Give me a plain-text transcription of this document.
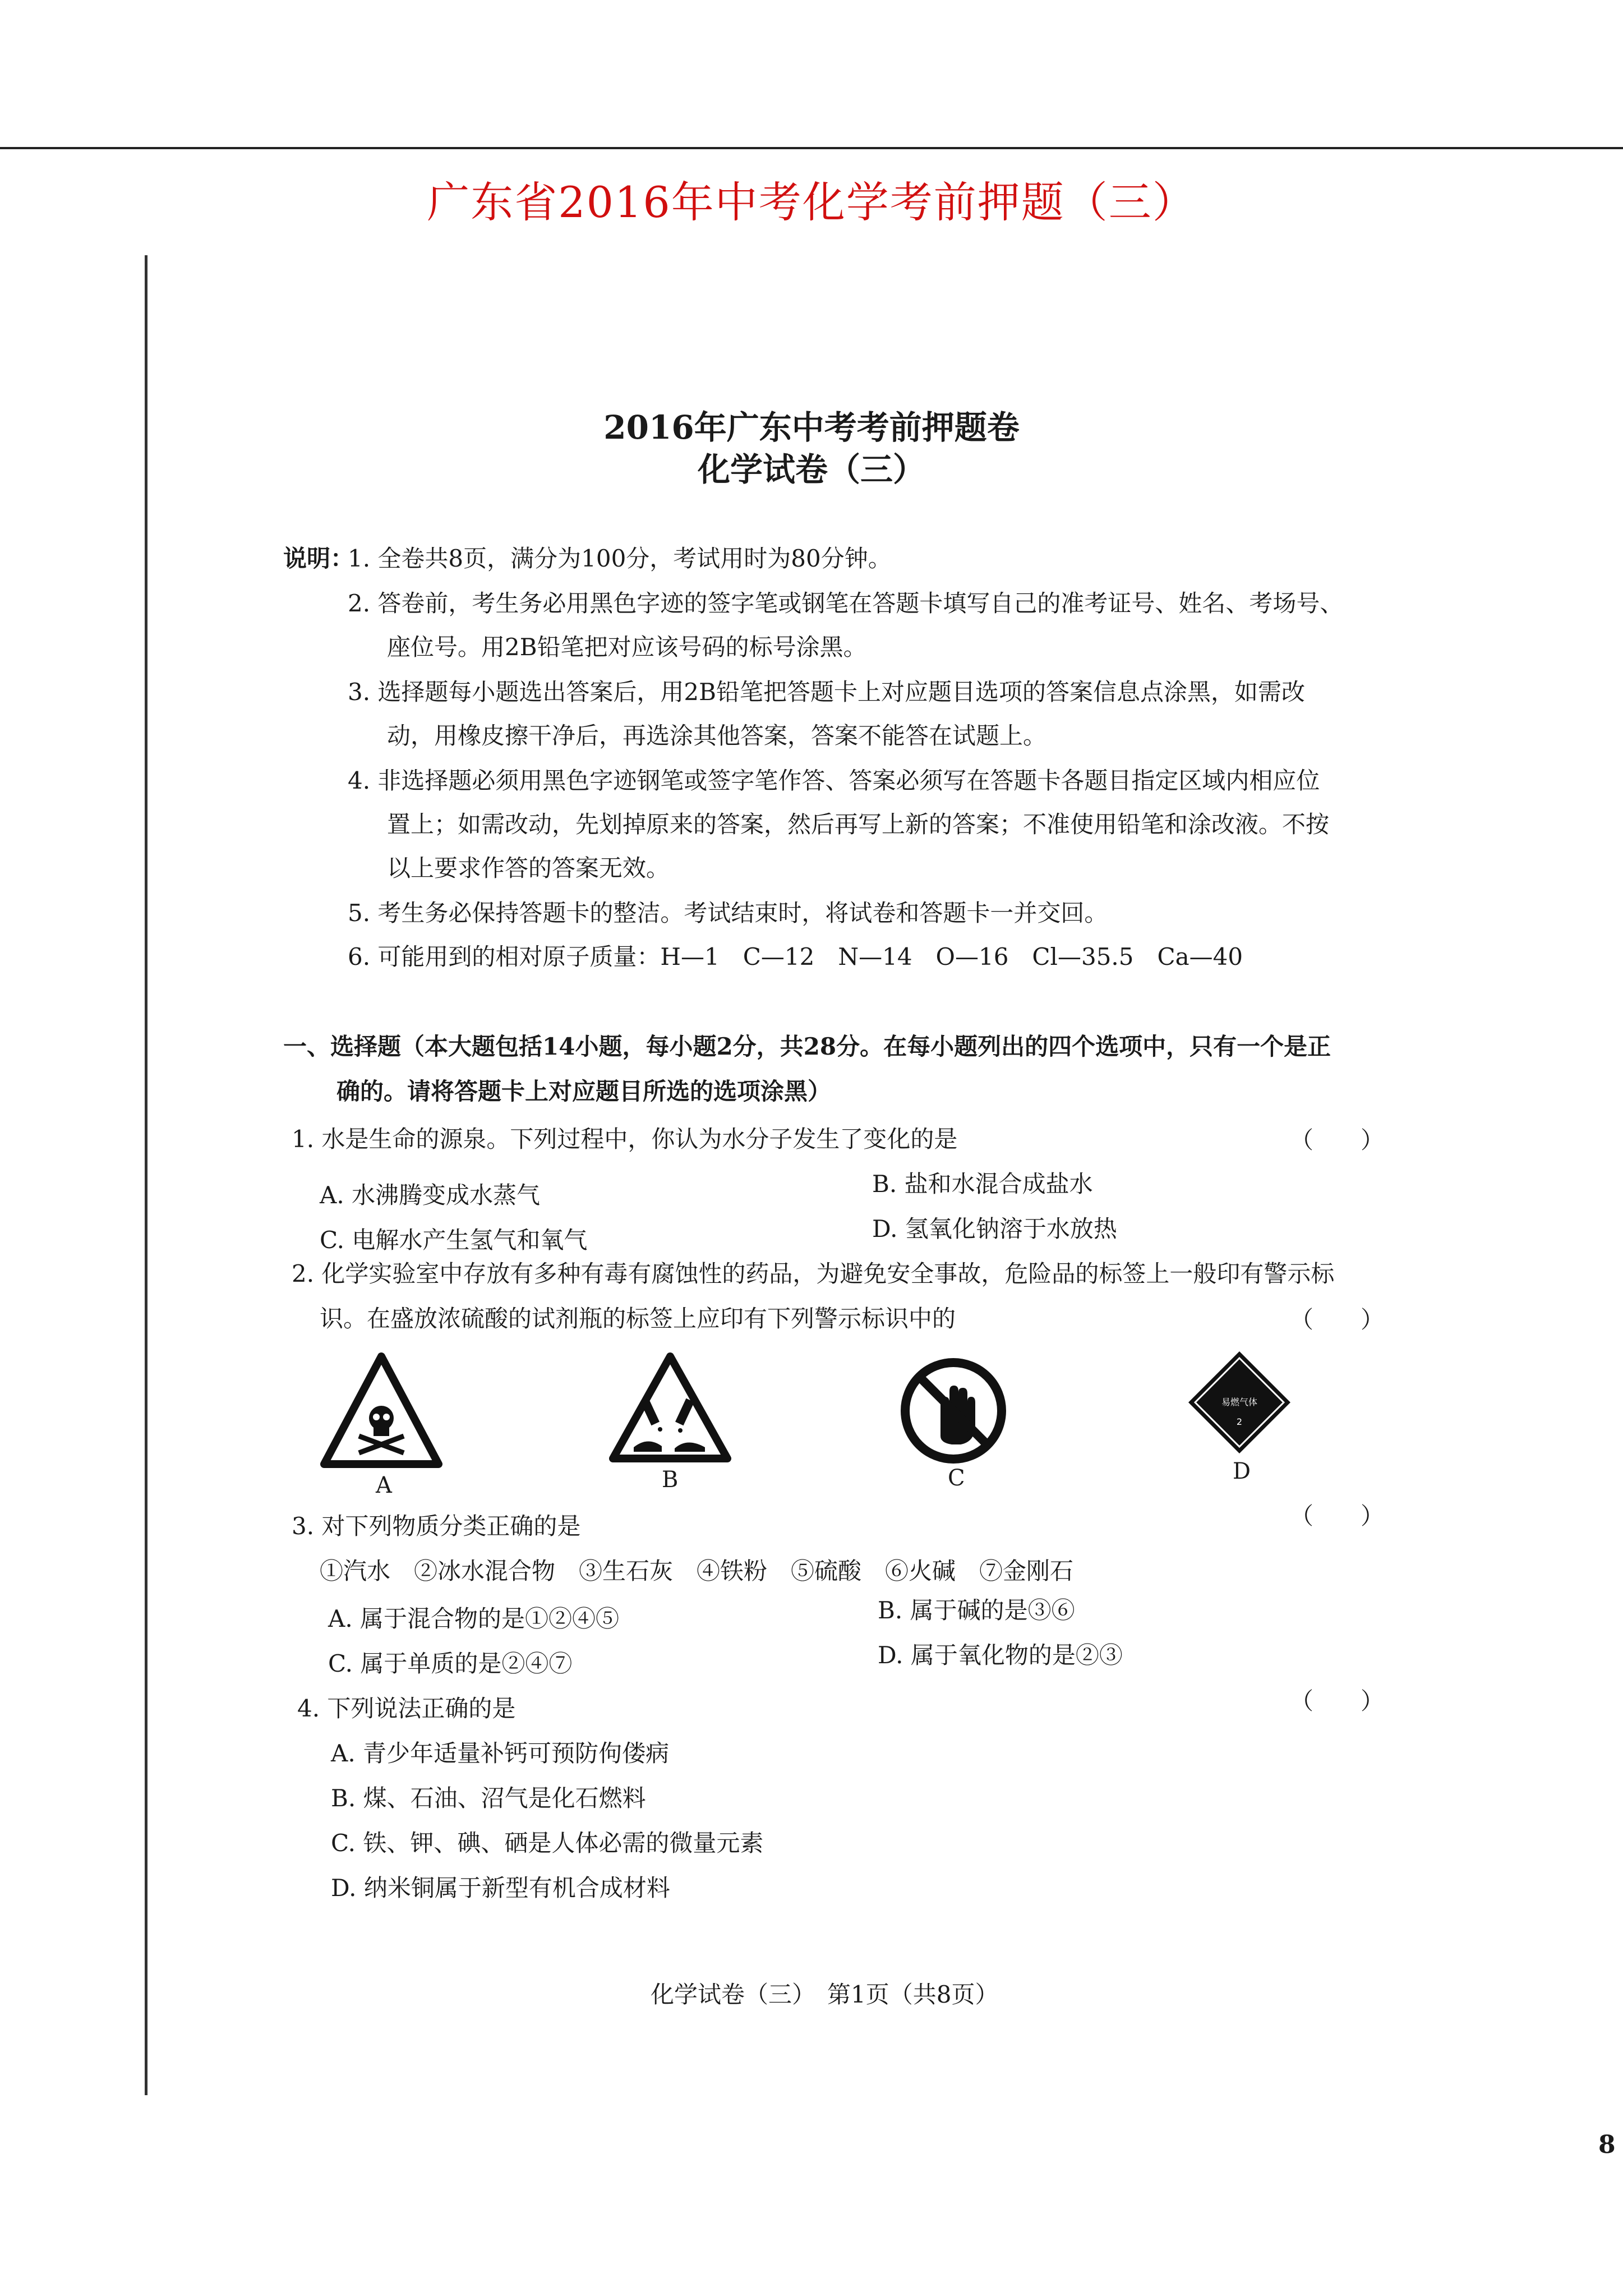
广东省2016年中考化学考前押题（三）
2016年广东中考考前押题卷
化学试卷（三）
说明：
1. 全卷共8页，满分为100分，考试用时为80分钟。
2. 答卷前，考生务必用黑色字迹的签字笔或钢笔在答题卡填写自己的准考证号、姓名、考场号、
座位号。用2B铅笔把对应该号码的标号涂黑。
3. 选择题每小题选出答案后，用2B铅笔把答题卡上对应题目选项的答案信息点涂黑，如需改
动，用橡皮擦干净后，再选涂其他答案，答案不能答在试题上。
4. 非选择题必须用黑色字迹钢笔或签字笔作答、答案必须写在答题卡各题目指定区域内相应位
置上；如需改动，先划掉原来的答案，然后再写上新的答案；不准使用铅笔和涂改液。不按
以上要求作答的答案无效。
5. 考生务必保持答题卡的整洁。考试结束时，将试卷和答题卡一并交回。
6. 可能用到的相对原子质量：H—1　C—12　N—14　O—16　Cl—35.5　Ca—40
一、选择题（本大题包括14小题，每小题2分，共28分。在每小题列出的四个选项中，只有一个是正
确的。请将答题卡上对应题目所选的选项涂黑）
1. 水是生命的源泉。下列过程中，你认为水分子发生了变化的是	（　　）
A. 水沸腾变成水蒸气	B. 盐和水混合成盐水
C. 电解水产生氢气和氧气	D. 氢氧化钠溶于水放热
2. 化学实验室中存放有多种有毒有腐蚀性的药品，为避免安全事故，危险品的标签上一般印有警示标
识。在盛放浓硫酸的试剂瓶的标签上应印有下列警示标识中的	（　　）
A	B	C
易燃气体
2
D
3. 对下列物质分类正确的是	（　　）
①汽水　②冰水混合物　③生石灰　④铁粉　⑤硫酸　⑥火碱　⑦金刚石
A. 属于混合物的是①②④⑤	B. 属于碱的是③⑥
C. 属于单质的是②④⑦	D. 属于氧化物的是②③
4. 下列说法正确的是	（　　）
A. 青少年适量补钙可预防佝偻病
B. 煤、石油、沼气是化石燃料
C. 铁、钾、碘、硒是人体必需的微量元素
D. 纳米铜属于新型有机合成材料
化学试卷（三）　第1页（共8页）
8
